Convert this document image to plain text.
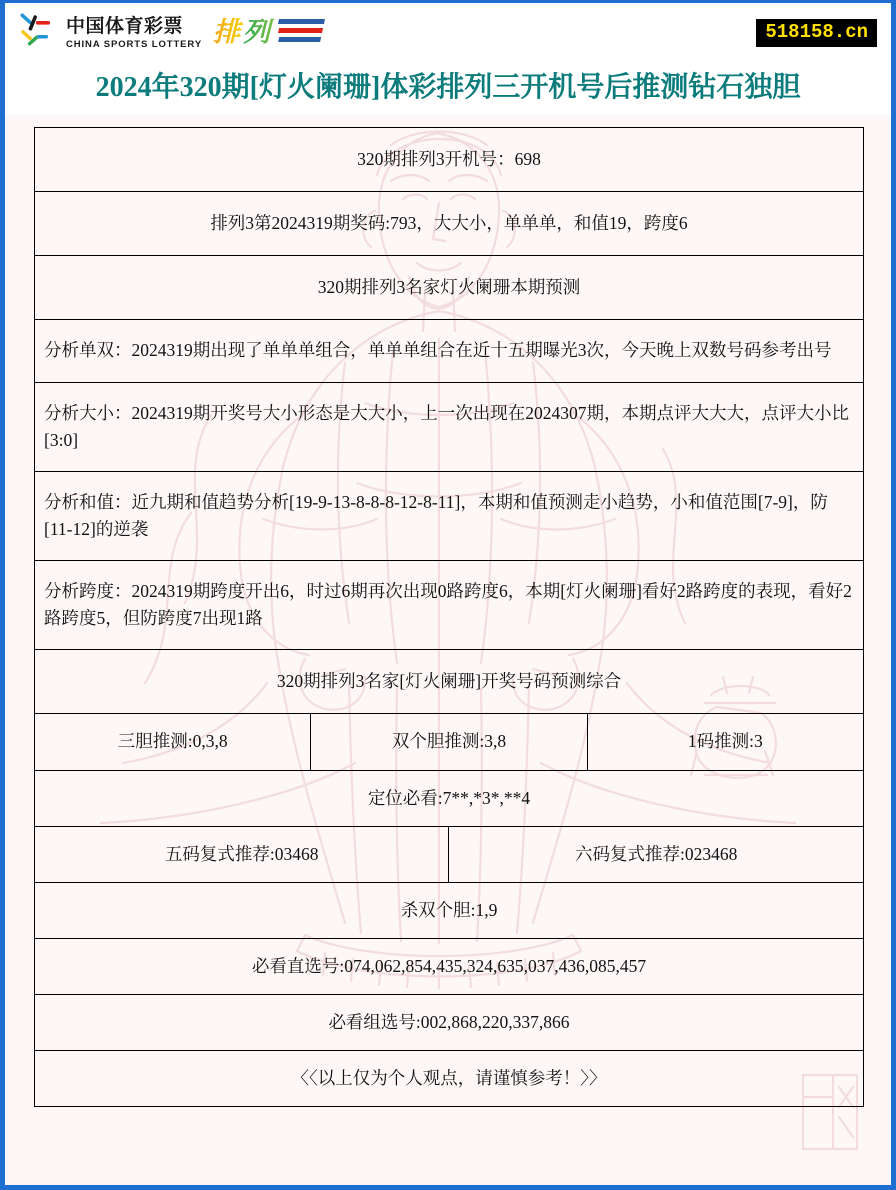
中国体育彩票
CHINA SPORTS LOTTERY 排 列	518158.cn
2024年320期[灯火阑珊]体彩排列三开机号后推测钻石独胆
320期排列3开机号：698			

排列3第2024319期奖码:793，大大小，单单单，和值19，跨度6			

320期排列3名家灯火阑珊本期预测			

分析单双：2024319期出现了单单单组合，单单单组合在近十五期曝光3次，今天晚上双数号码参考出号			

分析大小：2024319期开奖号大小形态是大大小，上一次出现在2024307期，本期点评大大大，点评大小比[3:0]			

分析和值：近九期和值趋势分析[19-9-13-8-8-8-12-8-11]，本期和值预测走小趋势，小和值范围[7-9]，防[11-12]的逆袭			

分析跨度：2024319期跨度开出6，时过6期再次出现0路跨度6，本期[灯火阑珊]看好2路跨度的表现，看好2路跨度5，但防跨度7出现1路			

320期排列3名家[灯火阑珊]开奖号码预测综合			

三胆推测:0,3,8	双个胆推测:3,8		1码推测:3

定位必看:7**,*3*,**4			

五码复式推荐:03468		六码复式推荐:023468	

杀双个胆:1,9			

必看直选号:074,062,854,435,324,635,037,436,085,457			

必看组选号:002,868,220,337,866			

〈〈以上仅为个人观点，请谨慎参考！〉〉			
